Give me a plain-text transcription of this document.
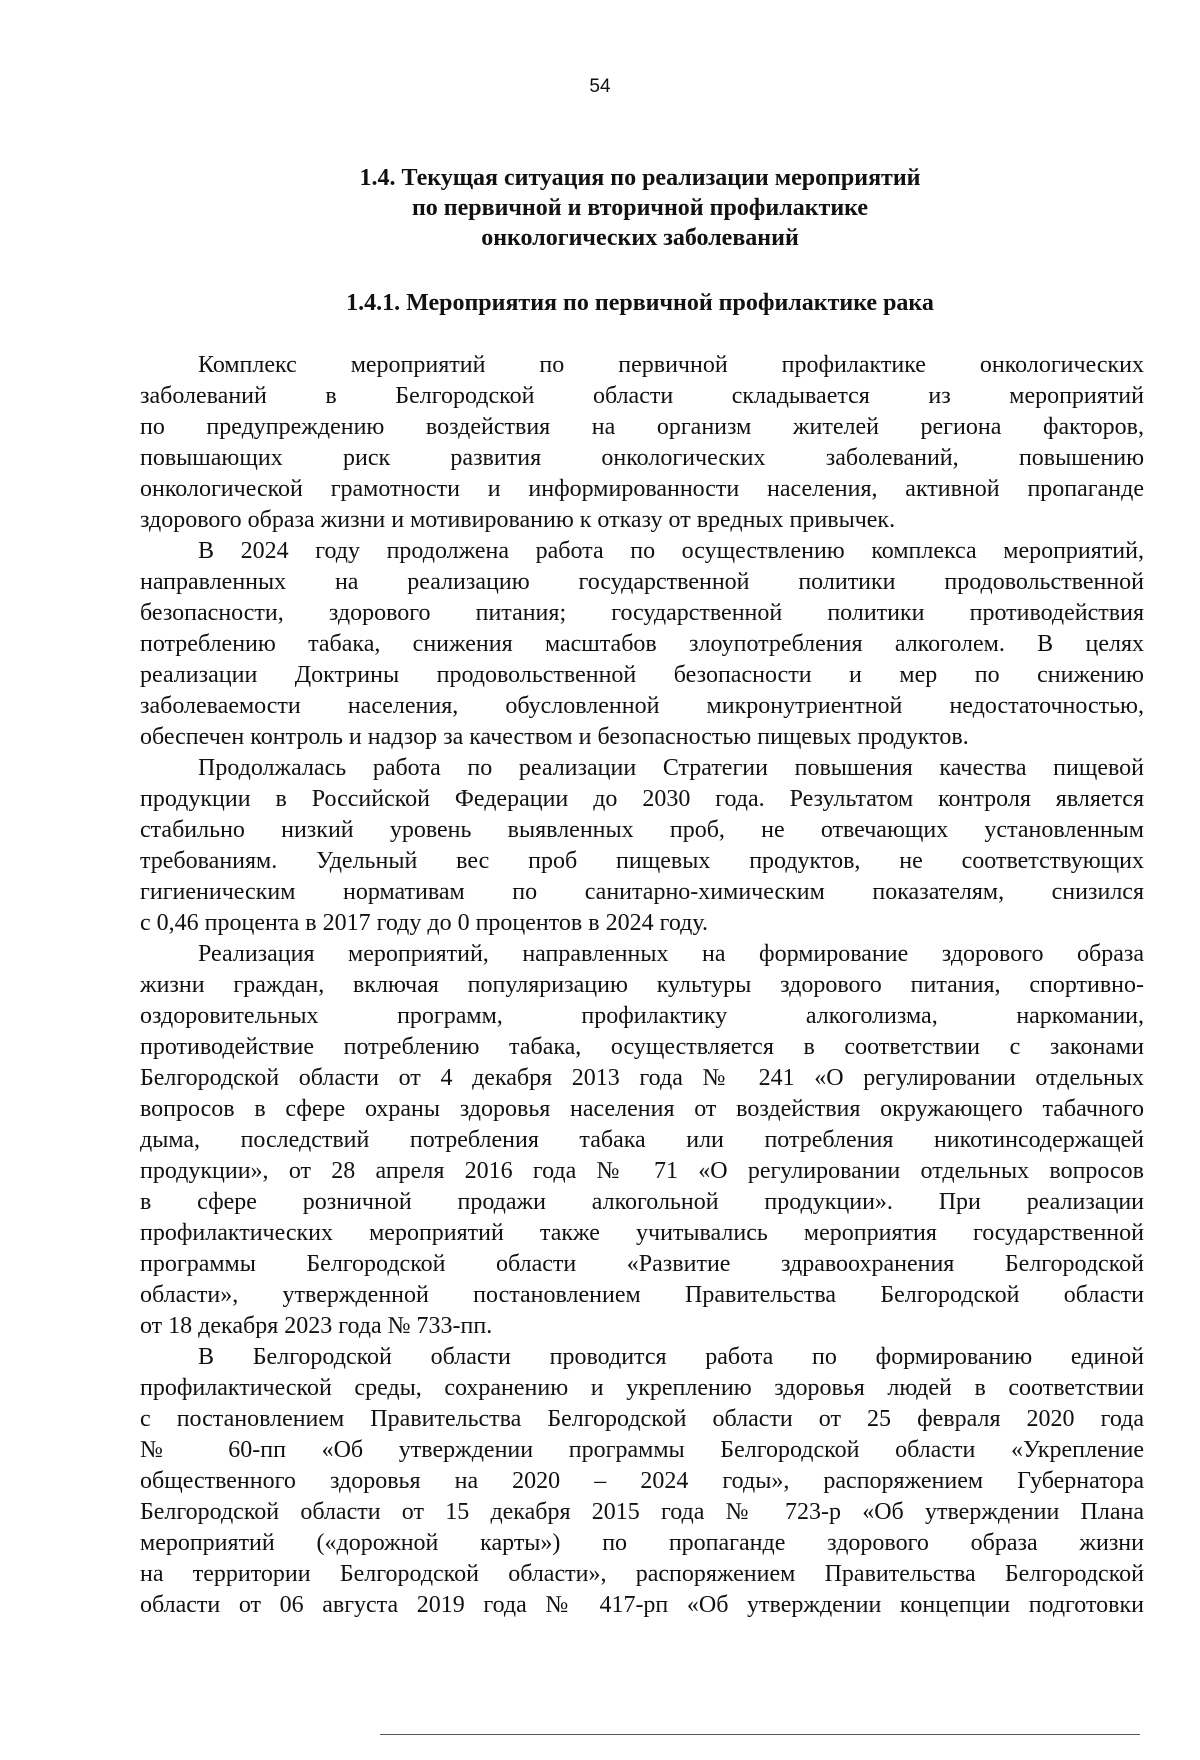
54
1.4. Текущая ситуация по реализации мероприятий
по первичной и вторичной профилактике
онкологических заболеваний
1.4.1. Мероприятия по первичной профилактике рака
Комплекс мероприятий по первичной профилактике онкологических
заболеваний в Белгородской области складывается из мероприятий
по предупреждению воздействия на организм жителей региона факторов,
повышающих риск развития онкологических заболеваний, повышению
онкологической грамотности и информированности населения, активной пропаганде
здорового образа жизни и мотивированию к отказу от вредных привычек.
В 2024 году продолжена работа по осуществлению комплекса мероприятий,
направленных на реализацию государственной политики продовольственной
безопасности, здорового питания; государственной политики противодействия
потреблению табака, снижения масштабов злоупотребления алкоголем. В целях
реализации Доктрины продовольственной безопасности и мер по снижению
заболеваемости населения, обусловленной микронутриентной недостаточностью,
обеспечен контроль и надзор за качеством и безопасностью пищевых продуктов.
Продолжалась работа по реализации Стратегии повышения качества пищевой
продукции в Российской Федерации до 2030 года. Результатом контроля является
стабильно низкий уровень выявленных проб, не отвечающих установленным
требованиям. Удельный вес проб пищевых продуктов, не соответствующих
гигиеническим нормативам по санитарно-химическим показателям, снизился
с 0,46 процента в 2017 году до 0 процентов в 2024 году.
Реализация мероприятий, направленных на формирование здорового образа
жизни граждан, включая популяризацию культуры здорового питания, спортивно-
оздоровительных программ, профилактику алкоголизма, наркомании,
противодействие потреблению табака, осуществляется в соответствии с законами
Белгородской области от 4 декабря 2013 года № 241 «О регулировании отдельных
вопросов в сфере охраны здоровья населения от воздействия окружающего табачного
дыма, последствий потребления табака или потребления никотинсодержащей
продукции», от 28 апреля 2016 года № 71 «О регулировании отдельных вопросов
в сфере розничной продажи алкогольной продукции». При реализации
профилактических мероприятий также учитывались мероприятия государственной
программы Белгородской области «Развитие здравоохранения Белгородской
области», утвержденной постановлением Правительства Белгородской области
от 18 декабря 2023 года № 733-пп.
В Белгородской области проводится работа по формированию единой
профилактической среды, сохранению и укреплению здоровья людей в соответствии
с постановлением Правительства Белгородской области от 25 февраля 2020 года
№ 60-пп «Об утверждении программы Белгородской области «Укрепление
общественного здоровья на 2020 – 2024 годы», распоряжением Губернатора
Белгородской области от 15 декабря 2015 года № 723-р «Об утверждении Плана
мероприятий («дорожной карты») по пропаганде здорового образа жизни
на территории Белгородской области», распоряжением Правительства Белгородской
области от 06 августа 2019 года № 417-рп «Об утверждении концепции подготовки
